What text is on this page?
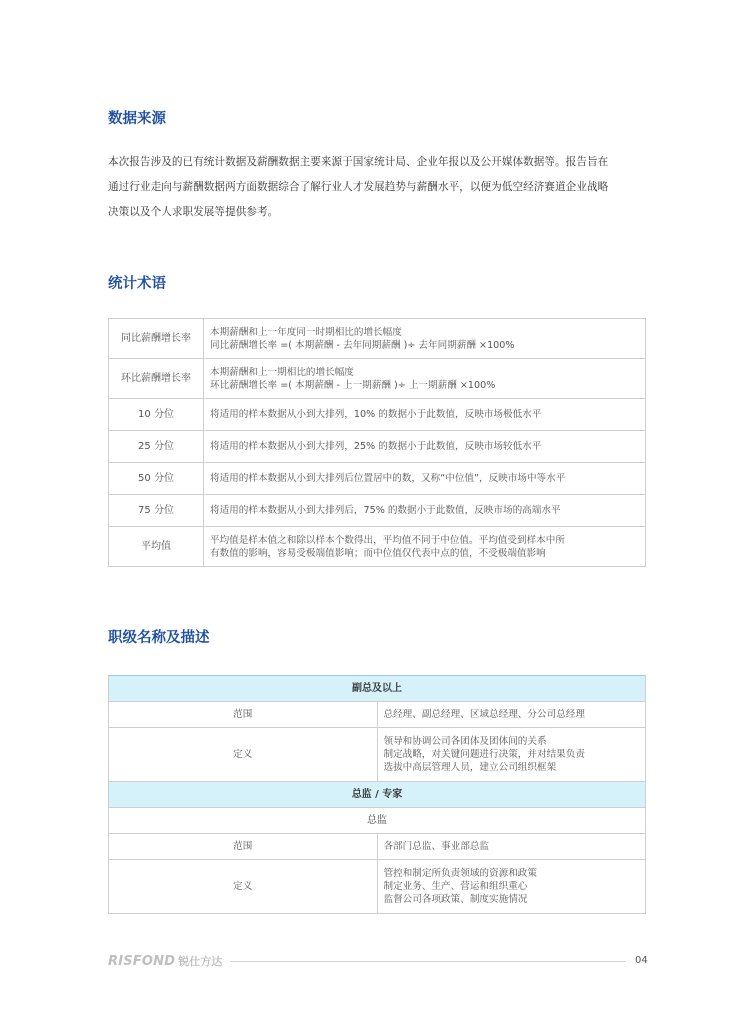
数据来源
本次报告涉及的已有统计数据及薪酬数据主要来源于国家统计局、企业年报以及公开媒体数据等。报告旨在
通过行业走向与薪酬数据两方面数据综合了解行业人才发展趋势与薪酬水平，以便为低空经济赛道企业战略
决策以及个人求职发展等提供参考。
统计术语
同比薪酬增长率	本期薪酬和上一年度同一时期相比的增长幅度
同比薪酬增长率 =( 本期薪酬 - 去年同期薪酬 )÷ 去年同期薪酬 ×100%

环比薪酬增长率	本期薪酬和上一期相比的增长幅度
环比薪酬增长率 =( 本期薪酬 - 上一期薪酬 )÷ 上一期薪酬 ×100%

10 分位	将适用的样本数据从小到大排列，10% 的数据小于此数值，反映市场极低水平

25 分位	将适用的样本数据从小到大排列，25% 的数据小于此数值，反映市场较低水平

50 分位	将适用的样本数据从小到大排列后位置居中的数，又称“中位值”，反映市场中等水平

75 分位	将适用的样本数据从小到大排列后，75% 的数据小于此数值，反映市场的高端水平

平均值	平均值是样本值之和除以样本个数得出，平均值不同于中位值。平均值受到样本中所
有数值的影响，容易受极端值影响；而中位值仅代表中点的值，不受极端值影响
职级名称及描述
副总及以上	
范围	总经理、副总经理、区域总经理、分公司总经理
定义	领导和协调公司各团体及团体间的关系
制定战略，对关键问题进行决策，并对结果负责
选拔中高层管理人员，建立公司组织框架

总监 / 专家	
总监	
范围	各部门总监、事业部总监
定义	管控和制定所负责领域的资源和政策
制定业务、生产、营运和组织重心
监督公司各项政策、制度实施情况
RISFOND 锐仕方达	04
